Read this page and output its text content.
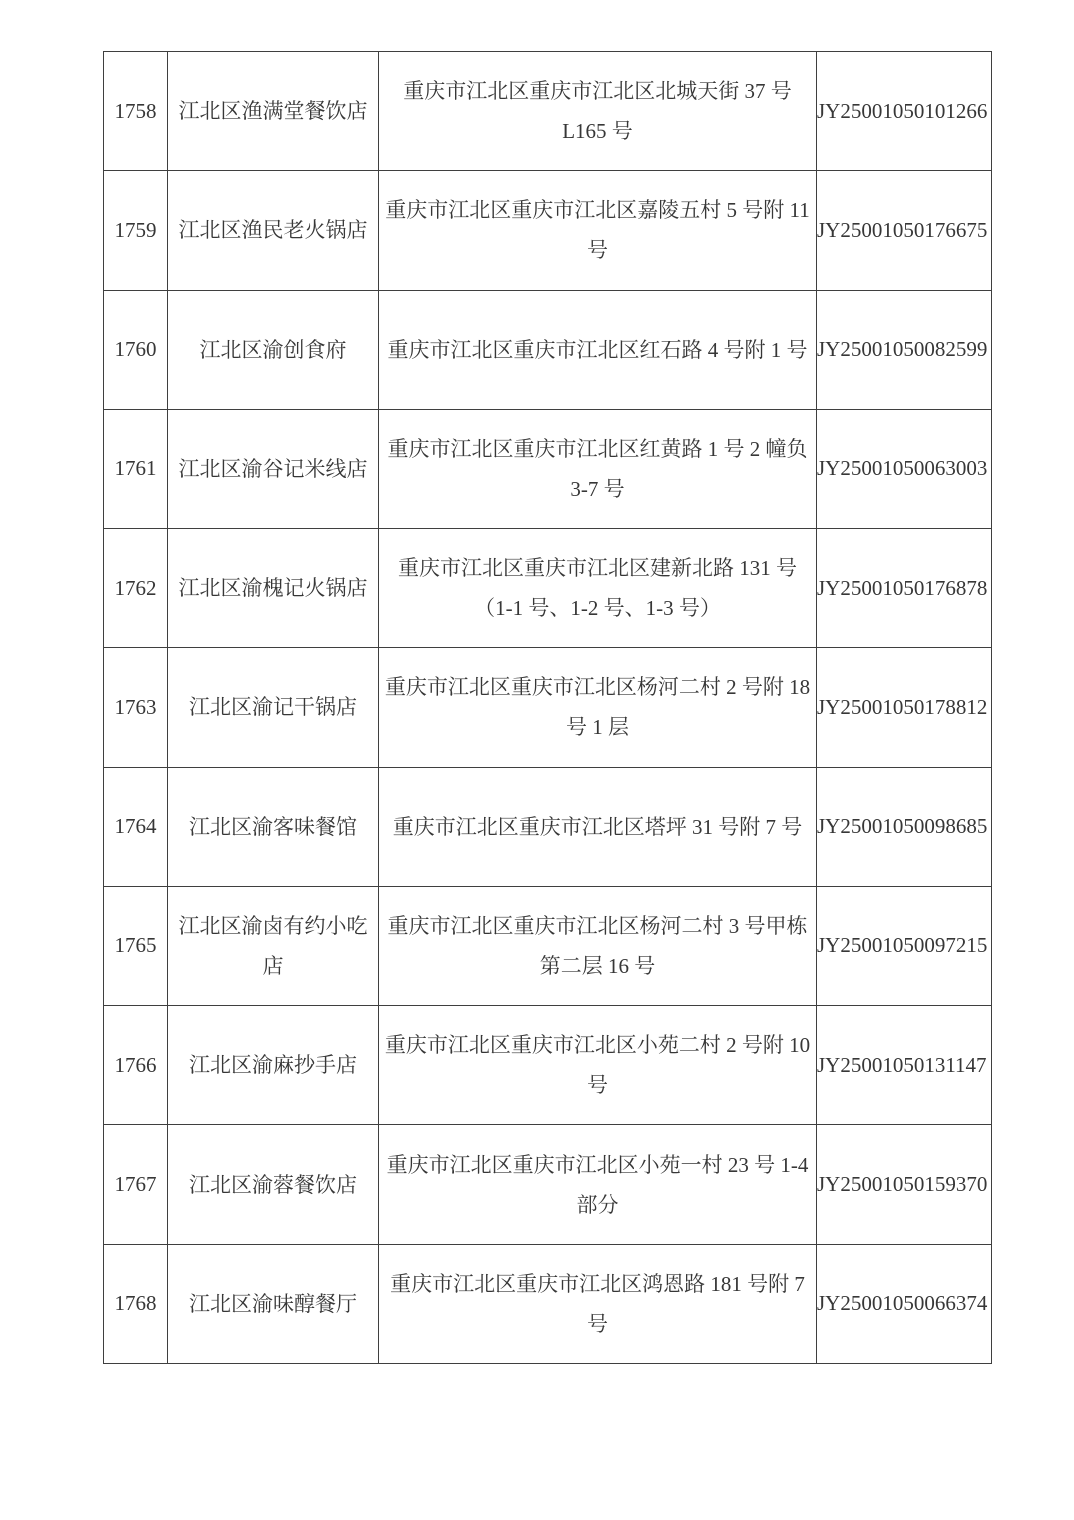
1758	江北区渔满堂餐饮店	重庆市江北区重庆市江北区北城天街 37 号
L165 号	JY25001050101266
1759	江北区渔民老火锅店	重庆市江北区重庆市江北区嘉陵五村 5 号附 11
号	JY25001050176675
1760	江北区渝创食府	重庆市江北区重庆市江北区红石路 4 号附 1 号	JY25001050082599
1761	江北区渝谷记米线店	重庆市江北区重庆市江北区红黄路 1 号 2 幢负
3-7 号	JY25001050063003
1762	江北区渝槐记火锅店	重庆市江北区重庆市江北区建新北路 131 号
（1-1 号、1-2 号、1-3 号）	JY25001050176878
1763	江北区渝记干锅店	重庆市江北区重庆市江北区杨河二村 2 号附 18
号 1 层	JY25001050178812
1764	江北区渝客味餐馆	重庆市江北区重庆市江北区塔坪 31 号附 7 号	JY25001050098685
1765	江北区渝卤有约小吃
店	重庆市江北区重庆市江北区杨河二村 3 号甲栋
第二层 16 号	JY25001050097215
1766	江北区渝麻抄手店	重庆市江北区重庆市江北区小苑二村 2 号附 10
号	JY25001050131147
1767	江北区渝蓉餐饮店	重庆市江北区重庆市江北区小苑一村 23 号 1-4
部分	JY25001050159370
1768	江北区渝味醇餐厅	重庆市江北区重庆市江北区鸿恩路 181 号附 7
号	JY25001050066374
